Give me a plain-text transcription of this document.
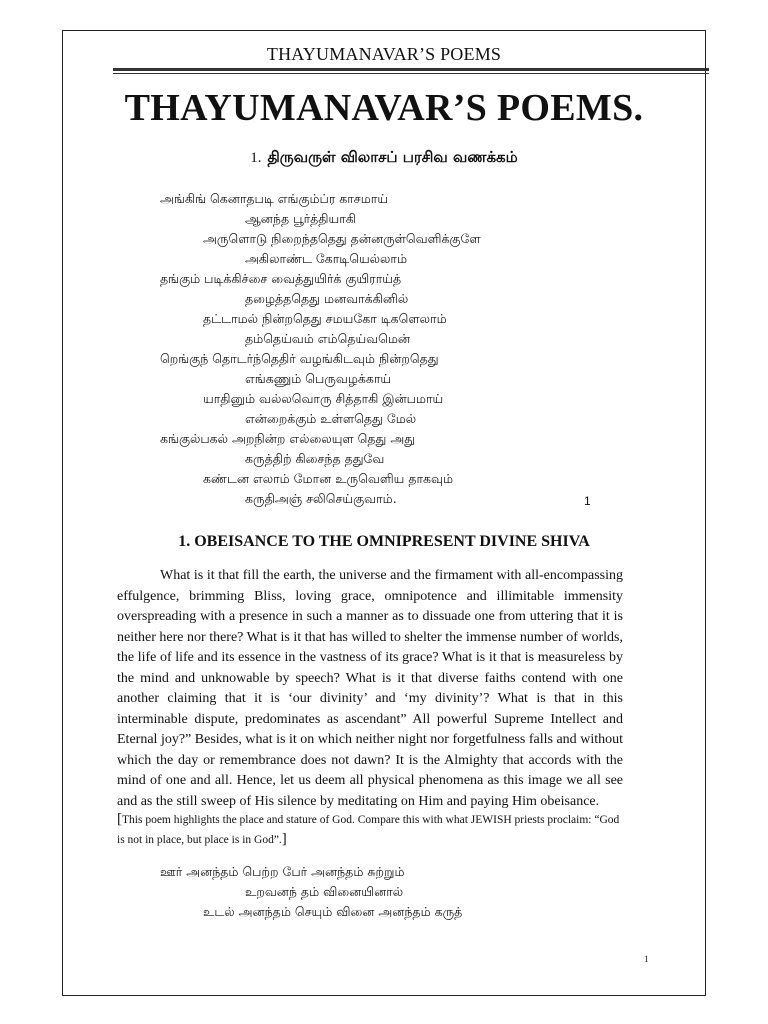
THAYUMANAVAR’S POEMS
THAYUMANAVAR’S POEMS.
1. திருவருள் விலாசப் பரசிவ வணக்கம்
அங்கிங் கெனாதபடி எங்கும்ப்ர காசமாய்
ஆனந்த பூர்த்தியாகி
அருளொடு நிறைந்ததெது தன்னருள்வெளிக்குளே
அகிலாண்ட கோடியெல்லாம்
தங்கும் படிக்கிச்சை வைத்துயிர்க் குயிராய்த்
தழைத்ததெது மனவாக்கினில்
தட்டாமல் நின்றதெது சமயகோ டிகளெலாம்
தம்தெய்வம் எம்தெய்வமென்
றெங்குந் தொடர்ந்தெதிர் வழங்கிடவும் நின்றதெது
எங்கணும் பெருவழக்காய்
யாதினும் வல்லவொரு சித்தாகி இன்பமாய்
என்றைக்கும் உள்ளதெது மேல்
கங்குல்பகல் அறநின்ற எல்லையுள தெது அது
கருத்திற் கிசைந்த ததுவே
கண்டன எலாம் மோன உருவெளிய தாகவும்
கருதிஅஞ் சலிசெய்குவாம்.	1
1. OBEISANCE TO THE OMNIPRESENT DIVINE SHIVA
What is it that fill the earth, the universe and the firmament with all-encompassing effulgence, brimming Bliss, loving grace, omnipotence and illimitable immensity overspreading with a presence in such a manner as to dissuade one from uttering that it is neither here nor there? What is it that has willed to shelter the immense number of worlds, the life of life and its essence in the vastness of its grace? What is it that is measureless by the mind and unknowable by speech? What is it that diverse faiths contend with one another claiming that it is ‘our divinity’ and ‘my divinity’? What is that in this interminable dispute, predominates as ascendant” All powerful Supreme Intellect and Eternal joy?” Besides, what is it on which neither night nor forgetfulness falls and without which the day or remembrance does not dawn? It is the Almighty that accords with the mind of one and all. Hence, let us deem all physical phenomena as this image we all see and as the still sweep of His silence by meditating on Him and paying Him obeisance.
[This poem highlights the place and stature of God. Compare this with what JEWISH priests proclaim: “God is not in place, but place is in God”.]
ஊர் அனந்தம் பெற்ற பேர் அனந்தம் சுற்றும்
உறவனந் தம் வினையினால்
உடல் அனந்தம் செயும் வினை அனந்தம் கருத்
1
